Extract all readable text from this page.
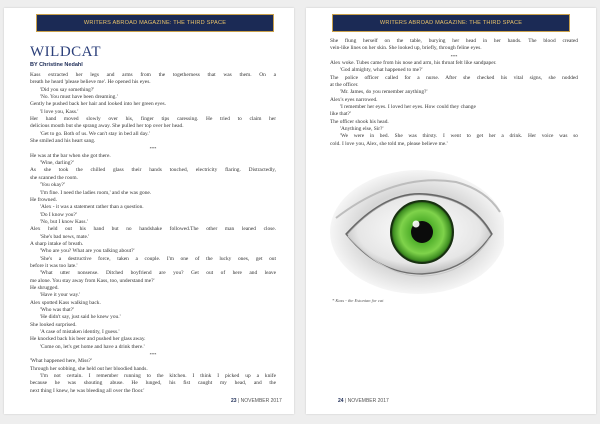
WRITERS ABROAD MAGAZINE: THE THIRD SPACE
WILDCAT
BY Christine Nedahl
Kass extracted her legs and arms from the togetherness that was them. On a
breath he heard 'please believe me'. He opened his eyes.
'Did you say something?'
'No. You must have been dreaming.'
Gently he pushed back her hair and looked into her green eyes.
'I love you, Kass.'
Her hand moved slowly over his, finger tips caressing. He tried to claim her
delicious mouth but she sprang away. She pulled her top over her head.
'Get to go. Both of us. We can't stay in bed all day.'
She smiled and his heart sang.
***
He was at the bar when she got there.
'Wine, darling?'
As she took the chilled glass their hands touched, electricity flaring. Distractedly,
she scanned the room.
'You okay?'
'I'm fine. I need the ladies room,' and she was gone.
He frowned.
'Alex - it was a statement rather than a question.
'Do I know you?'
'No, but I know Kass.'
Alex held out his hand but no handshake followed.The other man leaned close.
'She's bad news, mate.'
A sharp intake of breath.
'Who are you? What are you talking about?'
'She's a destructive force, taken a couple. I'm one of the lucky ones, get out
before it was too late.'
'What utter nonsense. Ditched boyfriend are you? Get out of here and leave
me alone. You stay away from Kass, too, understand me?'
He shrugged.
'Have it your way.'
Alex spotted Kass walking back.
'Who was that?'
'He didn't say, just said he knew you.'
She looked surprised.
'A case of mistaken identity, I guess.'
He knocked back his beer and pushed her glass away.
'Come on, let's get home and have a drink there.'
***
'What happened here, Miss?'
Through her sobbing, she held out her bloodied hands.
'I'm not certain. I remember running to the kitchen. I think I picked up a knife
because he was shouting abuse. He lunged, his fist caught my head, and the
next thing I knew, he was bleeding all over the floor.'
23 | NOVEMBER 2017
WRITERS ABROAD MAGAZINE: THE THIRD SPACE
She flung herself on the table, burying her head in her hands. The blood created
vein-like lines on her skin. She looked up, briefly, through feline eyes.
***
Alex woke. Tubes came from his nose and arm, his throat felt like sandpaper.
'God almighty, what happened to me?'
The police officer called for a nurse. After she checked his vital signs, she nodded
at the officer.
'Mr. James, do you remember anything?'
Alex's eyes narrowed.
'I remember her eyes. I loved her eyes. How could they change
like that?'
The officer shook his head.
'Anything else, Sir?'
'We were in bed. She was thirsty. I went to get her a drink. Her voice was so
cold. I love you, Alex, she told me, please believe me.'
* Kass - the Estonian for cat
24 | NOVEMBER 2017
